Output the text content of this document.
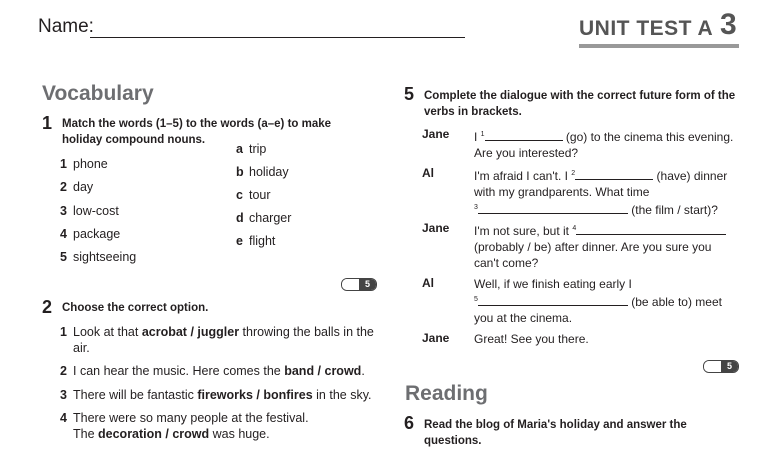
Name:	UNIT TEST A 3
Vocabulary
1 Match the words (1–5) to the words (a–e) to make holiday compound nouns.
1 phone
2 day
3 low-cost
4 package
5 sightseeing
a trip
b holiday
c tour
d charger
e flight
5
2 Choose the correct option.
1 Look at that acrobat / juggler throwing the balls in the
air.
2 I can hear the music. Here comes the band / crowd.
3 There will be fantastic fireworks / bonfires in the sky.
4 There were so many people at the festival.
The decoration / crowd was huge.
5 Complete the dialogue with the correct future form of the verbs in brackets.
Jane I $^1$	(go) to the cinema this evening.
Are you interested?
Al	I'm afraid I can't. I $^2$	(have) dinner
with my grandparents. What time
$^3$	(the film / start)?
Jane I'm not sure, but it $^4$
(probably / be) after dinner. Are you sure you
can't come?
Al	Well, if we finish eating early I
$^5$	(be able to) meet
you at the cinema.
Jane Great! See you there.
5
Reading
6 Read the blog of Maria's holiday and answer the questions.
